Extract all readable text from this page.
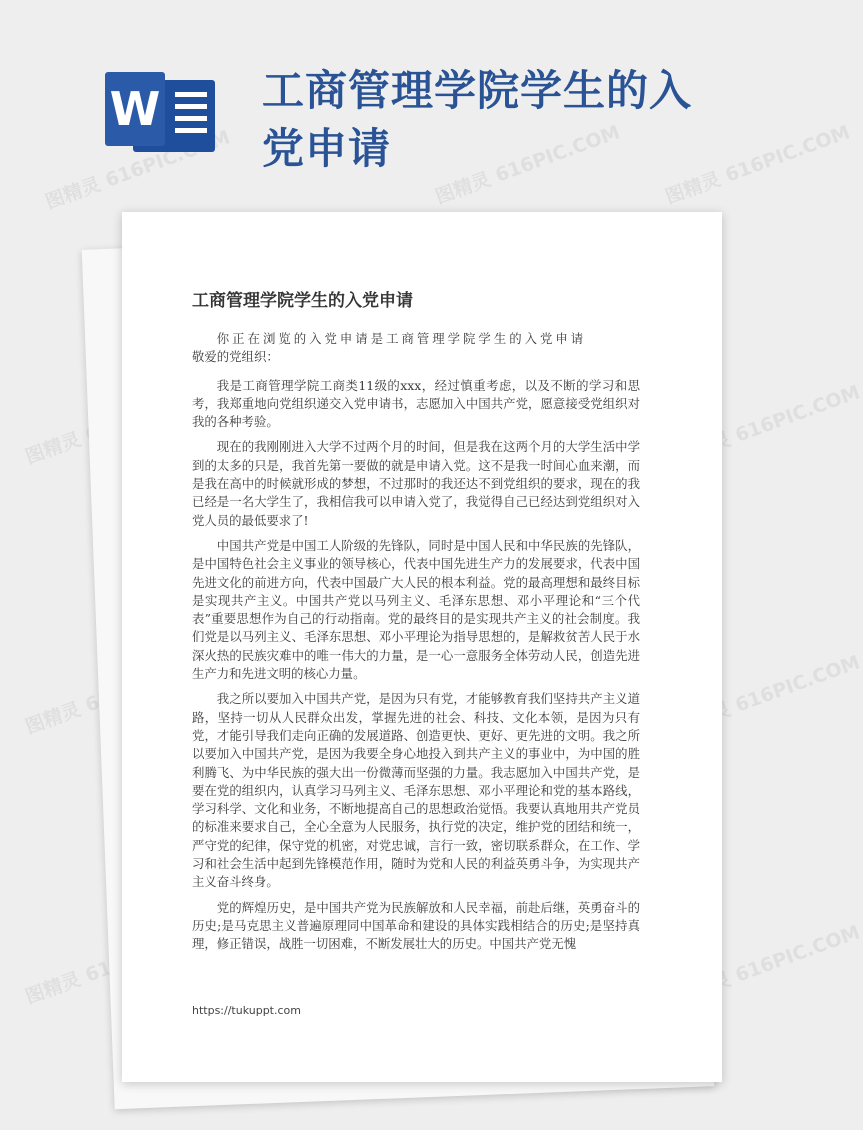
图精灵 616PIC.COM	图精灵 616PIC.COM 图精灵 616PIC.COM
图精灵	图精灵 616PIC.COM
图精灵	图精灵 616PIC.COM
图精灵	图精灵 616PIC.COM
W 工商管理学院学生的入党申请
工商管理学院学生的入党申请

你正在浏览的入党申请是工商管理学院学生的入党申请

敬爱的党组织：

我是工商管理学院工商类11级的xxx，经过慎重考虑，以及不断的学习和思考，我郑重地向党组织递交入党申请书，志愿加入中国共产党，愿意接受党组织对我的各种考验。

现在的我刚刚进入大学不过两个月的时间，但是我在这两个月的大学生活中学到的太多的只是，我首先第一要做的就是申请入党。这不是我一时间心血来潮，而是我在高中的时候就形成的梦想，不过那时的我还达不到党组织的要求，现在的我已经是一名大学生了，我相信我可以申请入党了，我觉得自己已经达到党组织对入党人员的最低要求了!

中国共产党是中国工人阶级的先锋队，同时是中国人民和中华民族的先锋队，是中国特色社会主义事业的领导核心，代表中国先进生产力的发展要求，代表中国先进文化的前进方向，代表中国最广大人民的根本利益。党的最高理想和最终目标是实现共产主义。中国共产党以马列主义、毛泽东思想、邓小平理论和“三个代表”重要思想作为自己的行动指南。党的最终目的是实现共产主义的社会制度。我们党是以马列主义、毛泽东思想、邓小平理论为指导思想的，是解救贫苦人民于水深火热的民族灾难中的唯一伟大的力量，是一心一意服务全体劳动人民，创造先进生产力和先进文明的核心力量。

我之所以要加入中国共产党，是因为只有党，才能够教育我们坚持共产主义道路，坚持一切从人民群众出发，掌握先进的社会、科技、文化本领，是因为只有党，才能引导我们走向正确的发展道路、创造更快、更好、更先进的文明。我之所以要加入中国共产党，是因为我要全身心地投入到共产主义的事业中，为中国的胜利腾飞、为中华民族的强大出一份微薄而坚强的力量。我志愿加入中国共产党，是要在党的组织内，认真学习马列主义、毛泽东思想、邓小平理论和党的基本路线，学习科学、文化和业务，不断地提高自己的思想政治觉悟。我要认真地用共产党员的标准来要求自己，全心全意为人民服务，执行党的决定，维护党的团结和统一，严守党的纪律，保守党的机密，对党忠诚，言行一致，密切联系群众，在工作、学习和社会生活中起到先锋模范作用，随时为党和人民的利益英勇斗争，为实现共产主义奋斗终身。

党的辉煌历史，是中国共产党为民族解放和人民幸福，前赴后继，英勇奋斗的历史;是马克思主义普遍原理同中国革命和建设的具体实践相结合的历史;是坚持真理，修正错误，战胜一切困难，不断发展壮大的历史。中国共产党无愧

https://tukuppt.com
